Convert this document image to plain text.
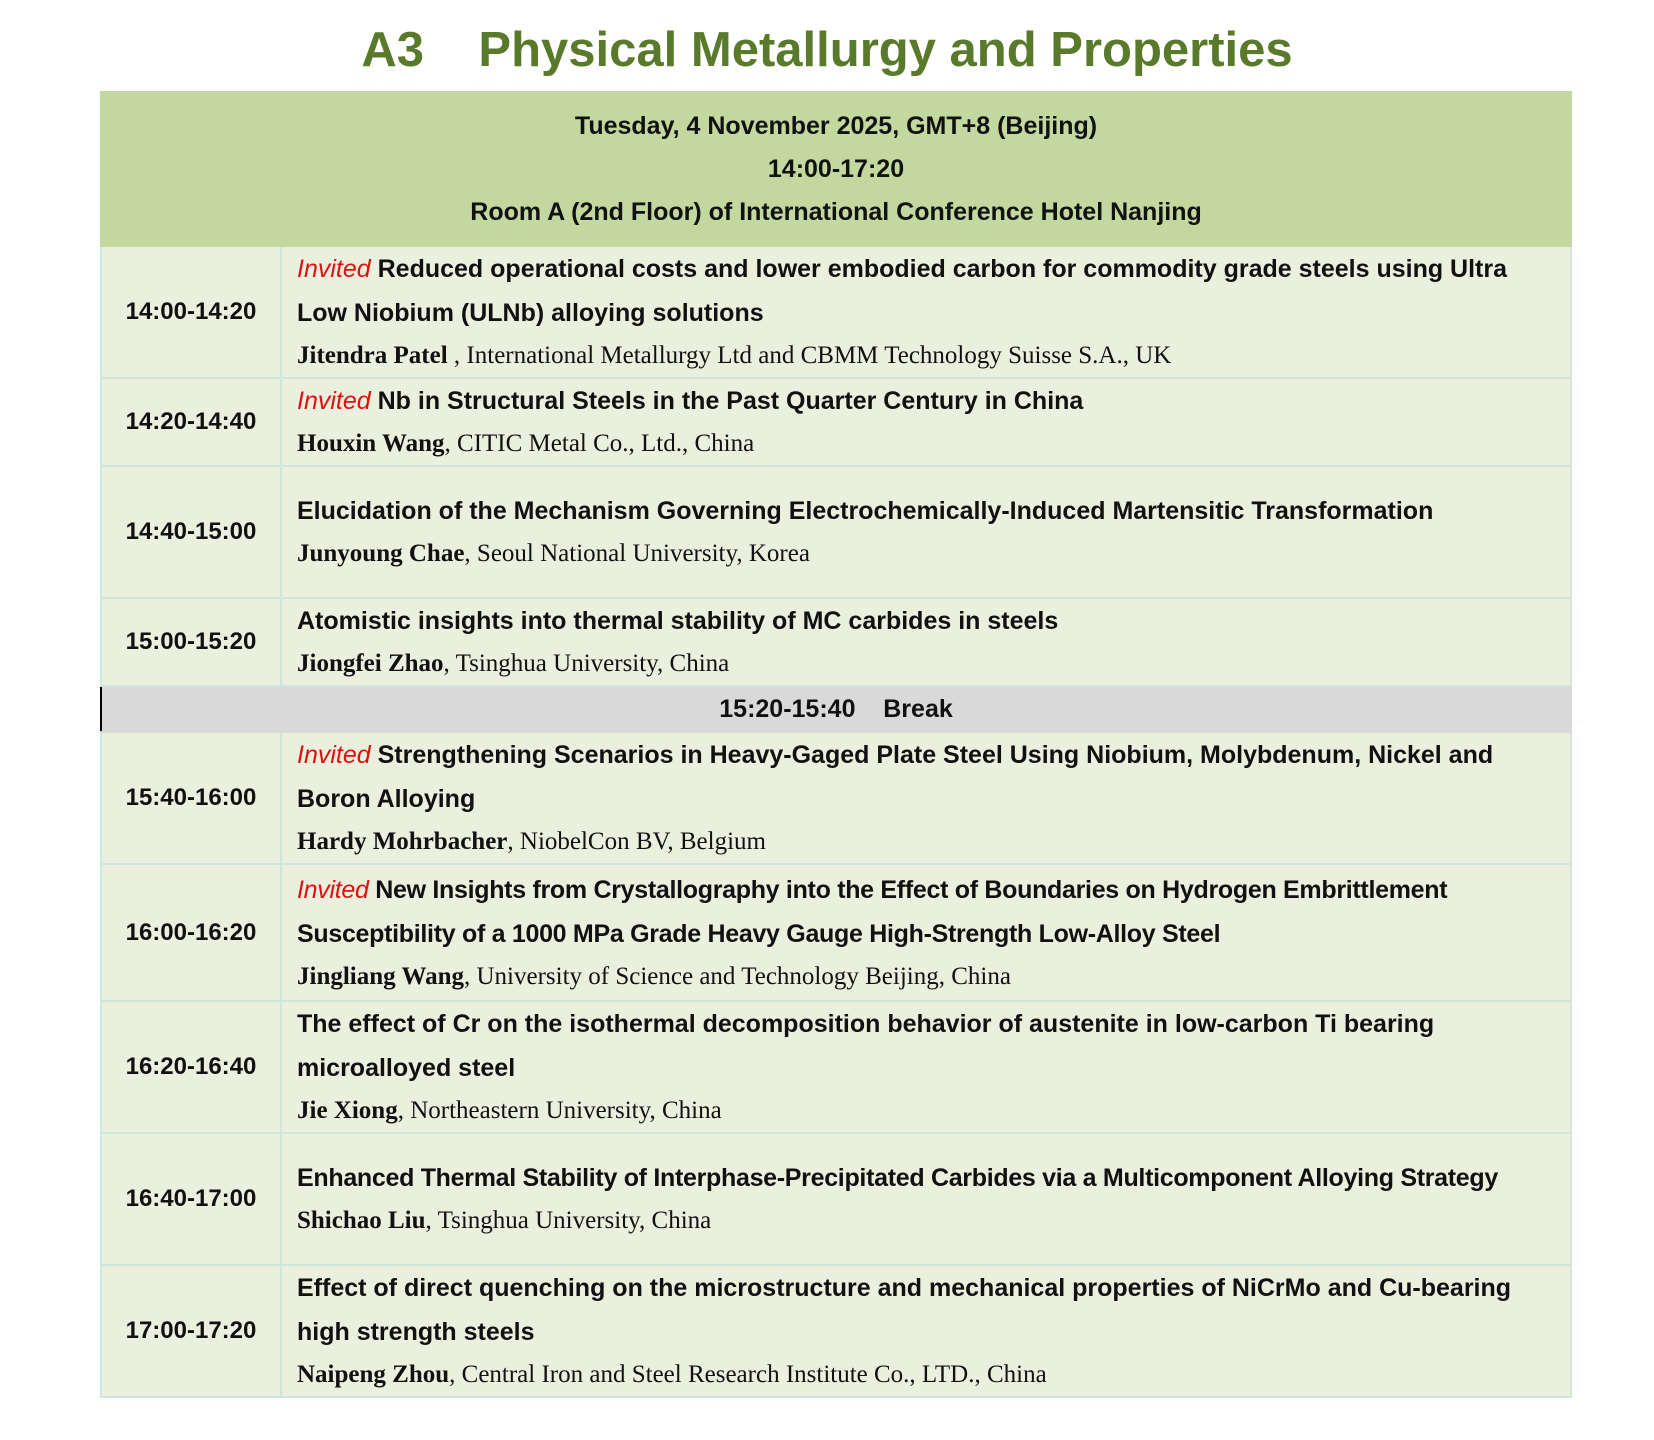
A3    Physical Metallurgy and Properties
Tuesday, 4 November 2025, GMT+8 (Beijing)
14:00-17:20
Room A (2nd Floor) of International Conference Hotel Nanjing	

14:00-14:20	Invited Reduced operational costs and lower embodied carbon for commodity grade steels using Ultra Low Niobium (ULNb) alloying solutions
Jitendra Patel , International Metallurgy Ltd and CBMM Technology Suisse S.A., UK

14:20-14:40	Invited Nb in Structural Steels in the Past Quarter Century in China
Houxin Wang, CITIC Metal Co., Ltd., China

14:40-15:00	Elucidation of the Mechanism Governing Electrochemically-Induced Martensitic Transformation
Junyoung Chae, Seoul National University, Korea

15:00-15:20	Atomistic insights into thermal stability of MC carbides in steels
Jiongfei Zhao, Tsinghua University, China

15:20-15:40    Break	
15:40-16:00	Invited Strengthening Scenarios in Heavy-Gaged Plate Steel Using Niobium, Molybdenum, Nickel and Boron Alloying
Hardy Mohrbacher, NiobelCon BV, Belgium

16:00-16:20	Invited New Insights from Crystallography into the Effect of Boundaries on Hydrogen Embrittlement Susceptibility of a 1000 MPa Grade Heavy Gauge High-Strength Low-Alloy Steel
Jingliang Wang, University of Science and Technology Beijing, China

16:20-16:40	The effect of Cr on the isothermal decomposition behavior of austenite in low-carbon Ti bearing microalloyed steel
Jie Xiong, Northeastern University, China

16:40-17:00	Enhanced Thermal Stability of Interphase-Precipitated Carbides via a Multicomponent Alloying Strategy
Shichao Liu, Tsinghua University, China

17:00-17:20	Effect of direct quenching on the microstructure and mechanical properties of NiCrMo and Cu-bearing high strength steels
Naipeng Zhou, Central Iron and Steel Research Institute Co., LTD., China
